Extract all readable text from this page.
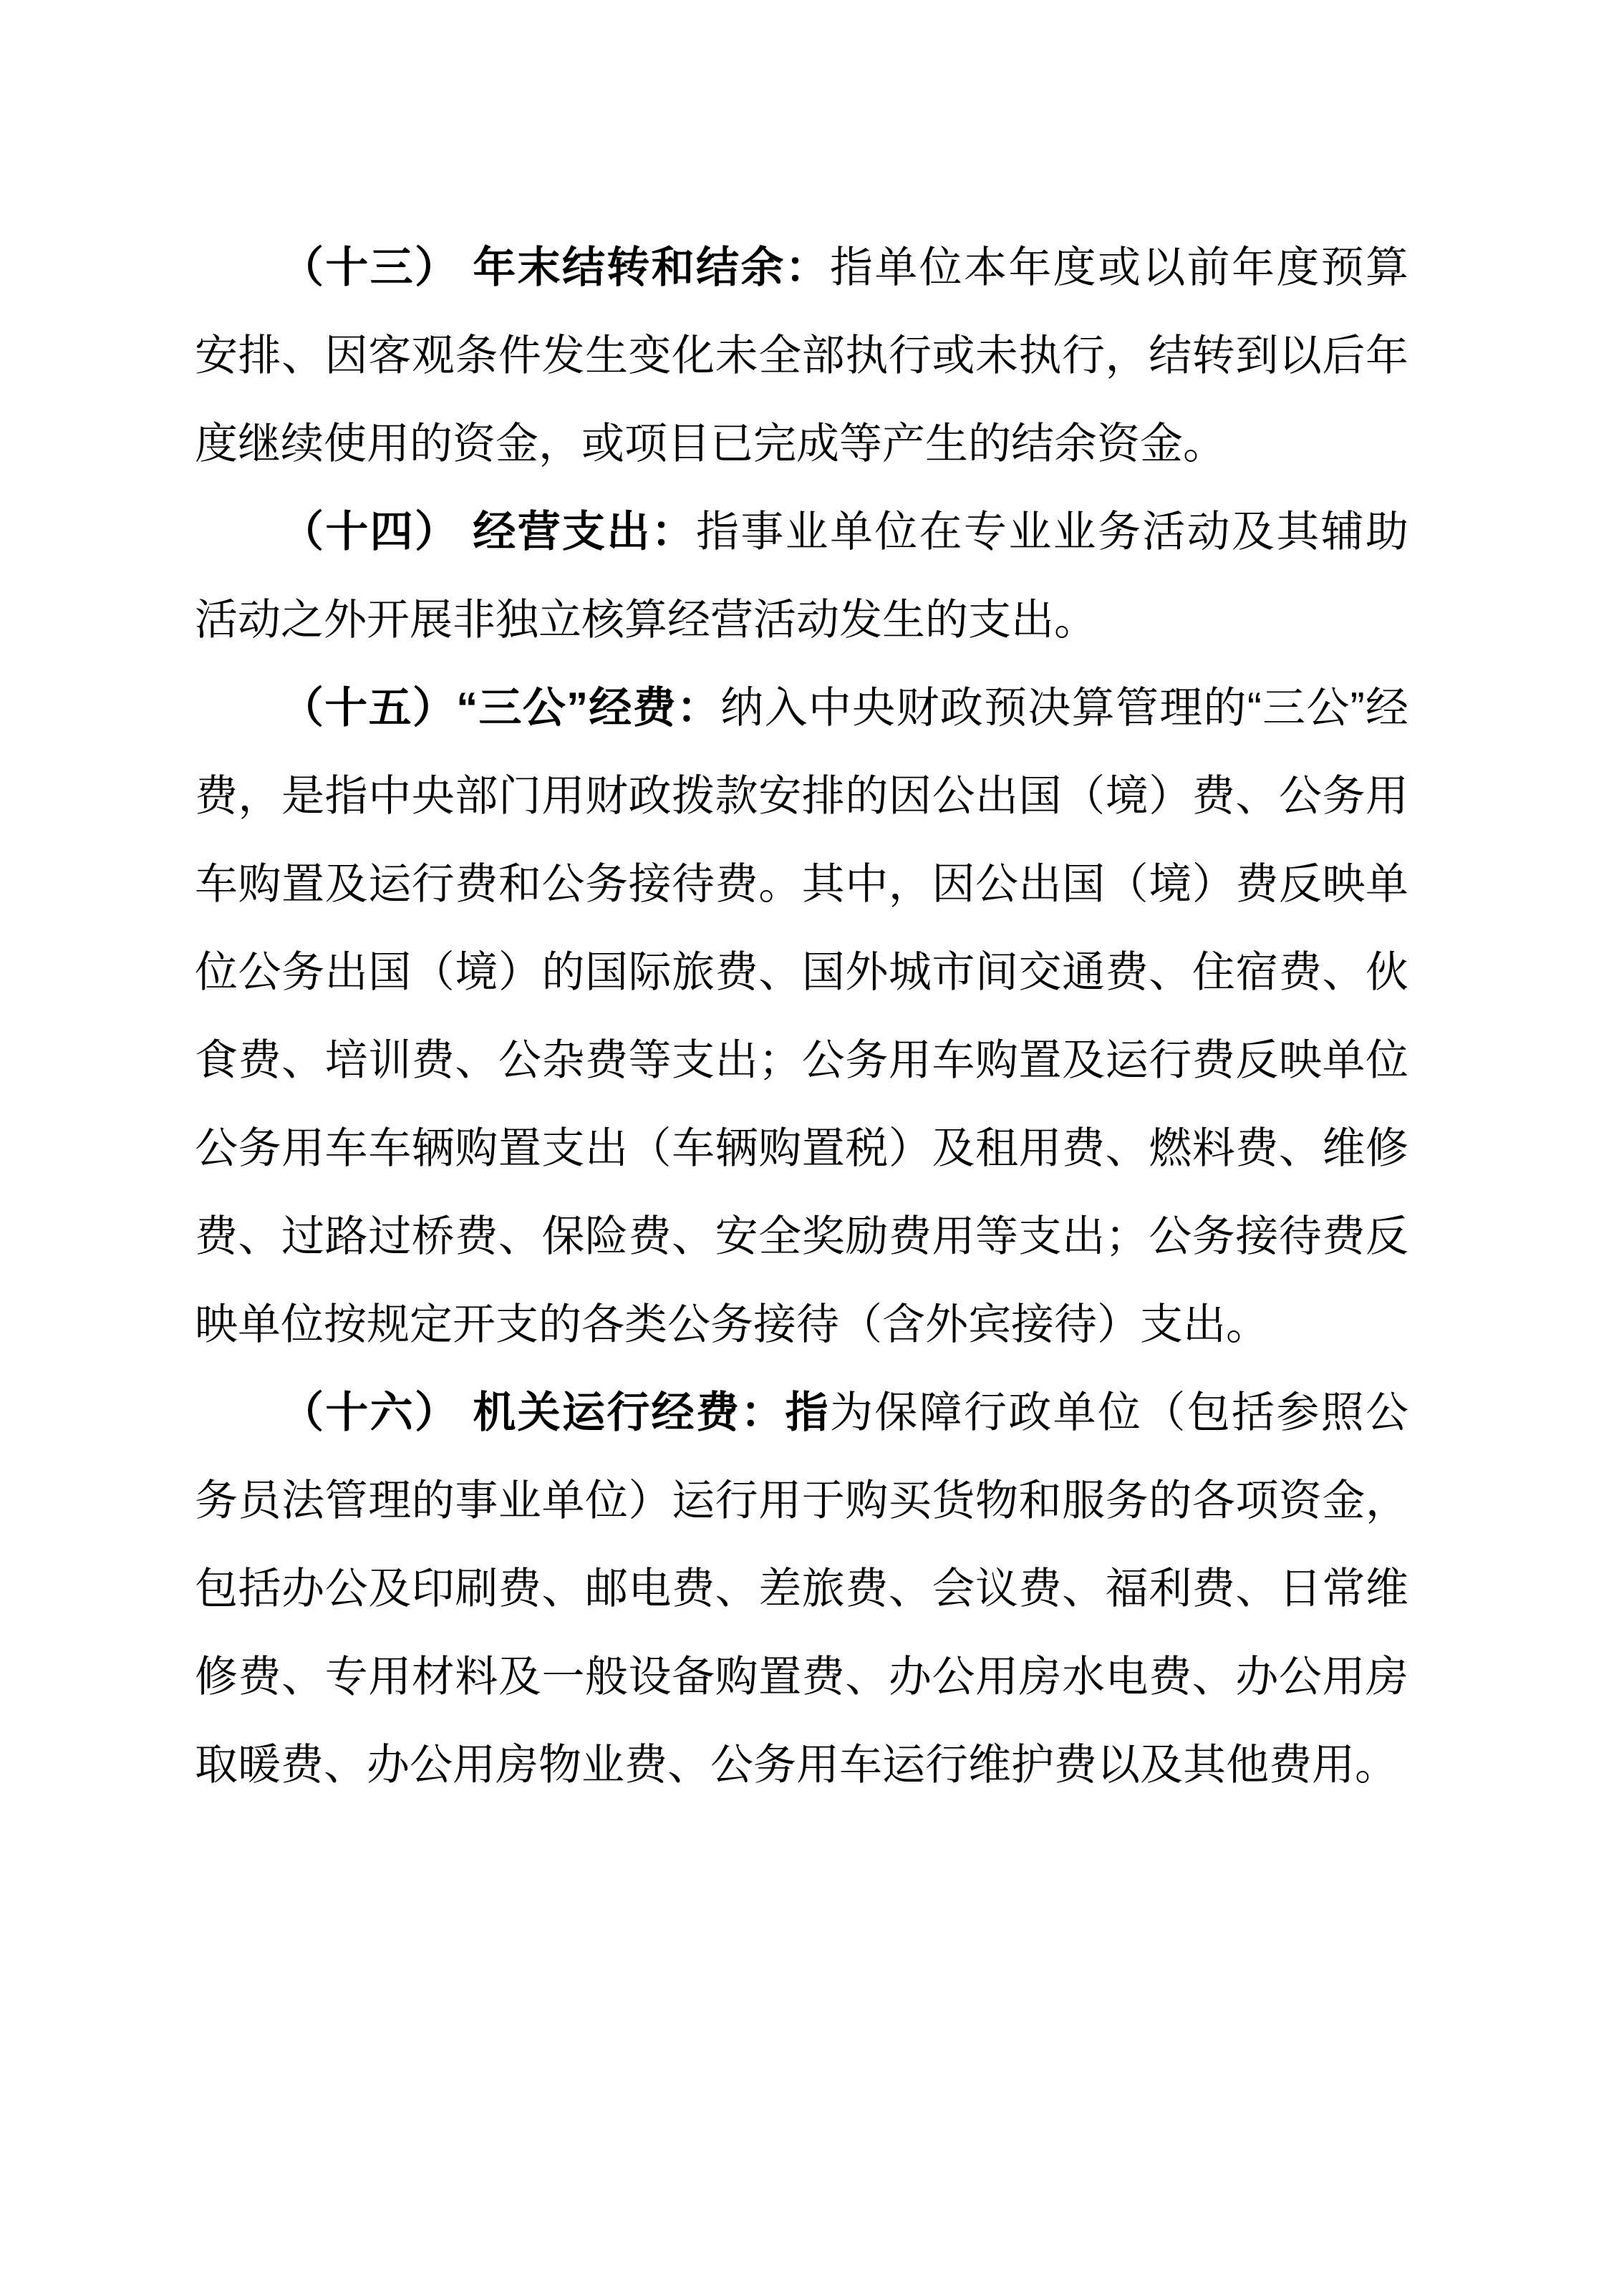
（十三） 年末结转和结余：指单位本年度或以前年度预算安排、因客观条件发生变化未全部执行或未执行，结转到以后年度继续使用的资金，或项目已完成等产生的结余资金。

（十四） 经营支出：指事业单位在专业业务活动及其辅助活动之外开展非独立核算经营活动发生的支出。

（十五）“三公”经费：纳入中央财政预决算管理的“三公”经费，是指中央部门用财政拨款安排的因公出国（境）费、公务用车购置及运行费和公务接待费。其中，因公出国（境）费反映单位公务出国（境）的国际旅费、国外城市间交通费、住宿费、伙食费、培训费、公杂费等支出；公务用车购置及运行费反映单位公务用车车辆购置支出（车辆购置税）及租用费、燃料费、维修费、过路过桥费、保险费、安全奖励费用等支出；公务接待费反映单位按规定开支的各类公务接待（含外宾接待）支出。

（十六） 机关运行经费：指为保障行政单位（包括参照公务员法管理的事业单位）运行用于购买货物和服务的各项资金，包括办公及印刷费、邮电费、差旅费、会议费、福利费、日常维修费、专用材料及一般设备购置费、办公用房水电费、办公用房取暖费、办公用房物业费、公务用车运行维护费以及其他费用。
